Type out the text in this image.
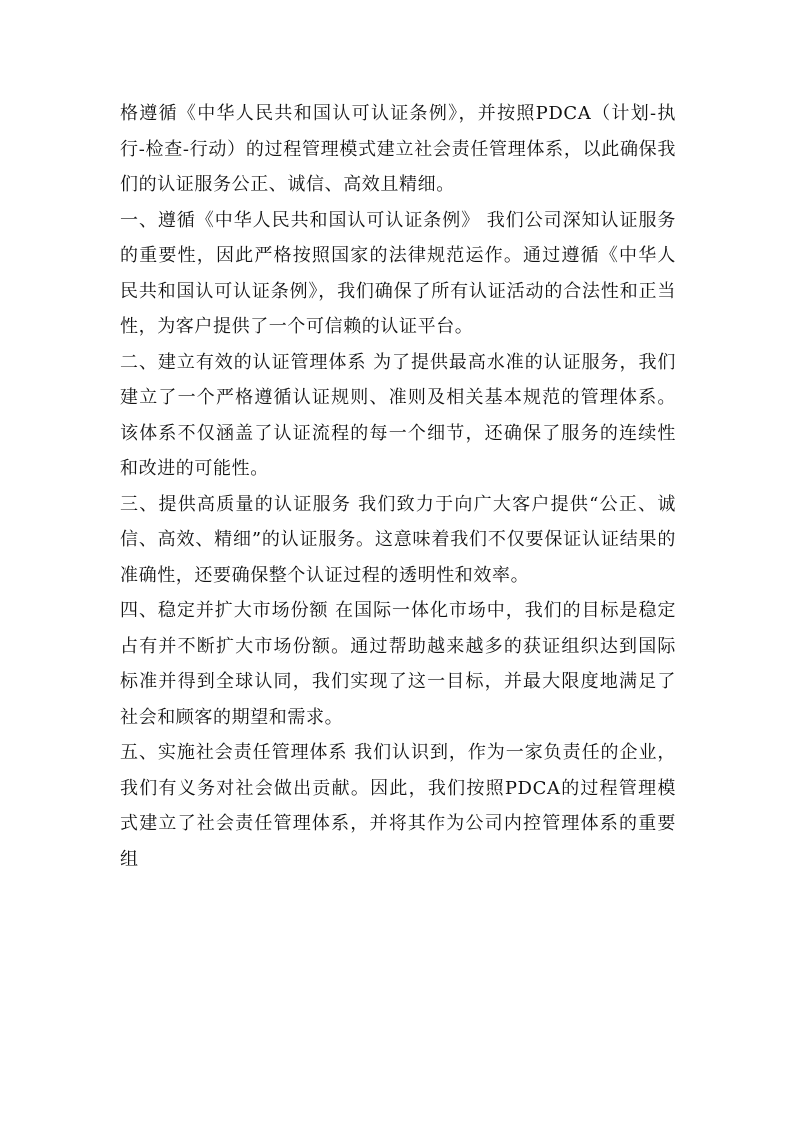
格遵循《中华人民共和国认可认证条例》，并按照PDCA（计划-执行-检查-行动）的过程管理模式建立社会责任管理体系，以此确保我们的认证服务公正、诚信、高效且精细。

一、遵循《中华人民共和国认可认证条例》 我们公司深知认证服务的重要性，因此严格按照国家的法律规范运作。通过遵循《中华人民共和国认可认证条例》，我们确保了所有认证活动的合法性和正当性，为客户提供了一个可信赖的认证平台。

二、建立有效的认证管理体系 为了提供最高水准的认证服务，我们建立了一个严格遵循认证规则、准则及相关基本规范的管理体系。该体系不仅涵盖了认证流程的每一个细节，还确保了服务的连续性和改进的可能性。

三、提供高质量的认证服务 我们致力于向广大客户提供“公正、诚信、高效、精细”的认证服务。这意味着我们不仅要保证认证结果的准确性，还要确保整个认证过程的透明性和效率。

四、稳定并扩大市场份额 在国际一体化市场中，我们的目标是稳定占有并不断扩大市场份额。通过帮助越来越多的获证组织达到国际标准并得到全球认同，我们实现了这一目标，并最大限度地满足了社会和顾客的期望和需求。

五、实施社会责任管理体系 我们认识到，作为一家负责任的企业，我们有义务对社会做出贡献。因此，我们按照PDCA的过程管理模式建立了社会责任管理体系，并将其作为公司内控管理体系的重要组
